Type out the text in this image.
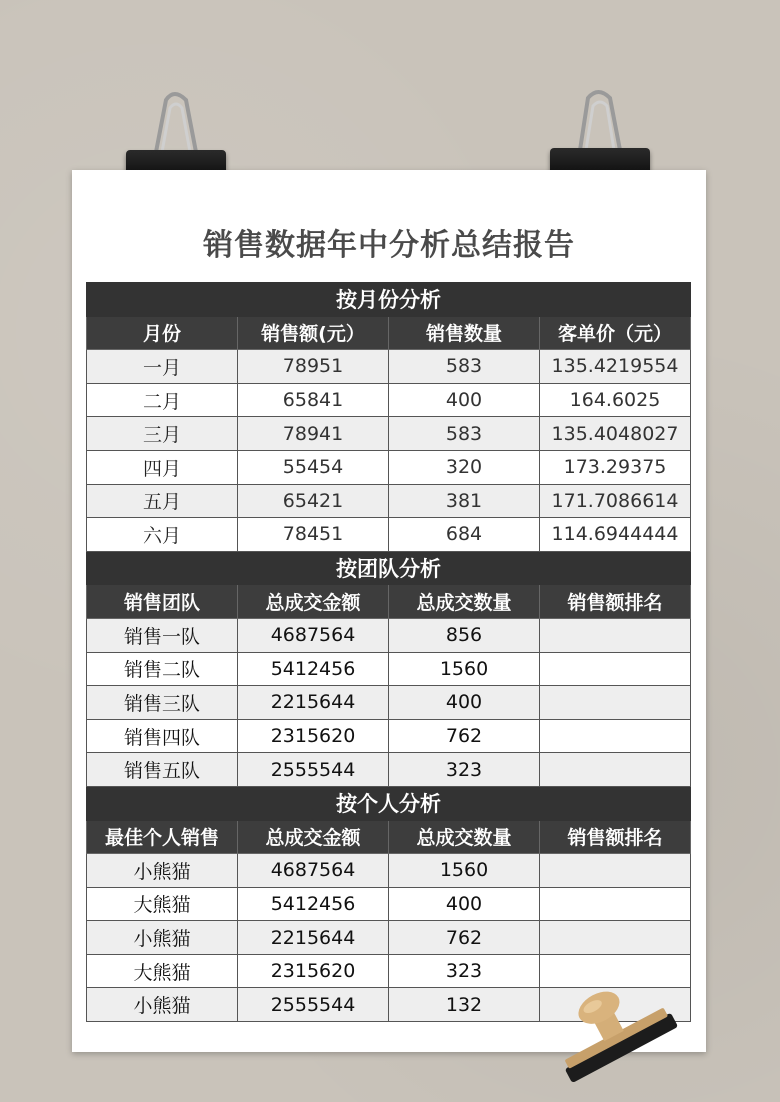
销售数据年中分析总结报告
按月份分析			
月份	销售额(元）	销售数量	客单价（元）
一月	78951	583	135.4219554
二月	65841	400	164.6025
三月	78941	583	135.4048027
四月	55454	320	173.29375
五月	65421	381	171.7086614
六月	78451	684	114.6944444
按团队分析			
销售团队	总成交金额	总成交数量	销售额排名
销售一队	4687564	856	
销售二队	5412456	1560	
销售三队	2215644	400	
销售四队	2315620	762	
销售五队	2555544	323	
按个人分析			
最佳个人销售	总成交金额	总成交数量	销售额排名
小熊猫	4687564	1560	
大熊猫	5412456	400	
小熊猫	2215644	762	
大熊猫	2315620	323	
小熊猫	2555544	132	
